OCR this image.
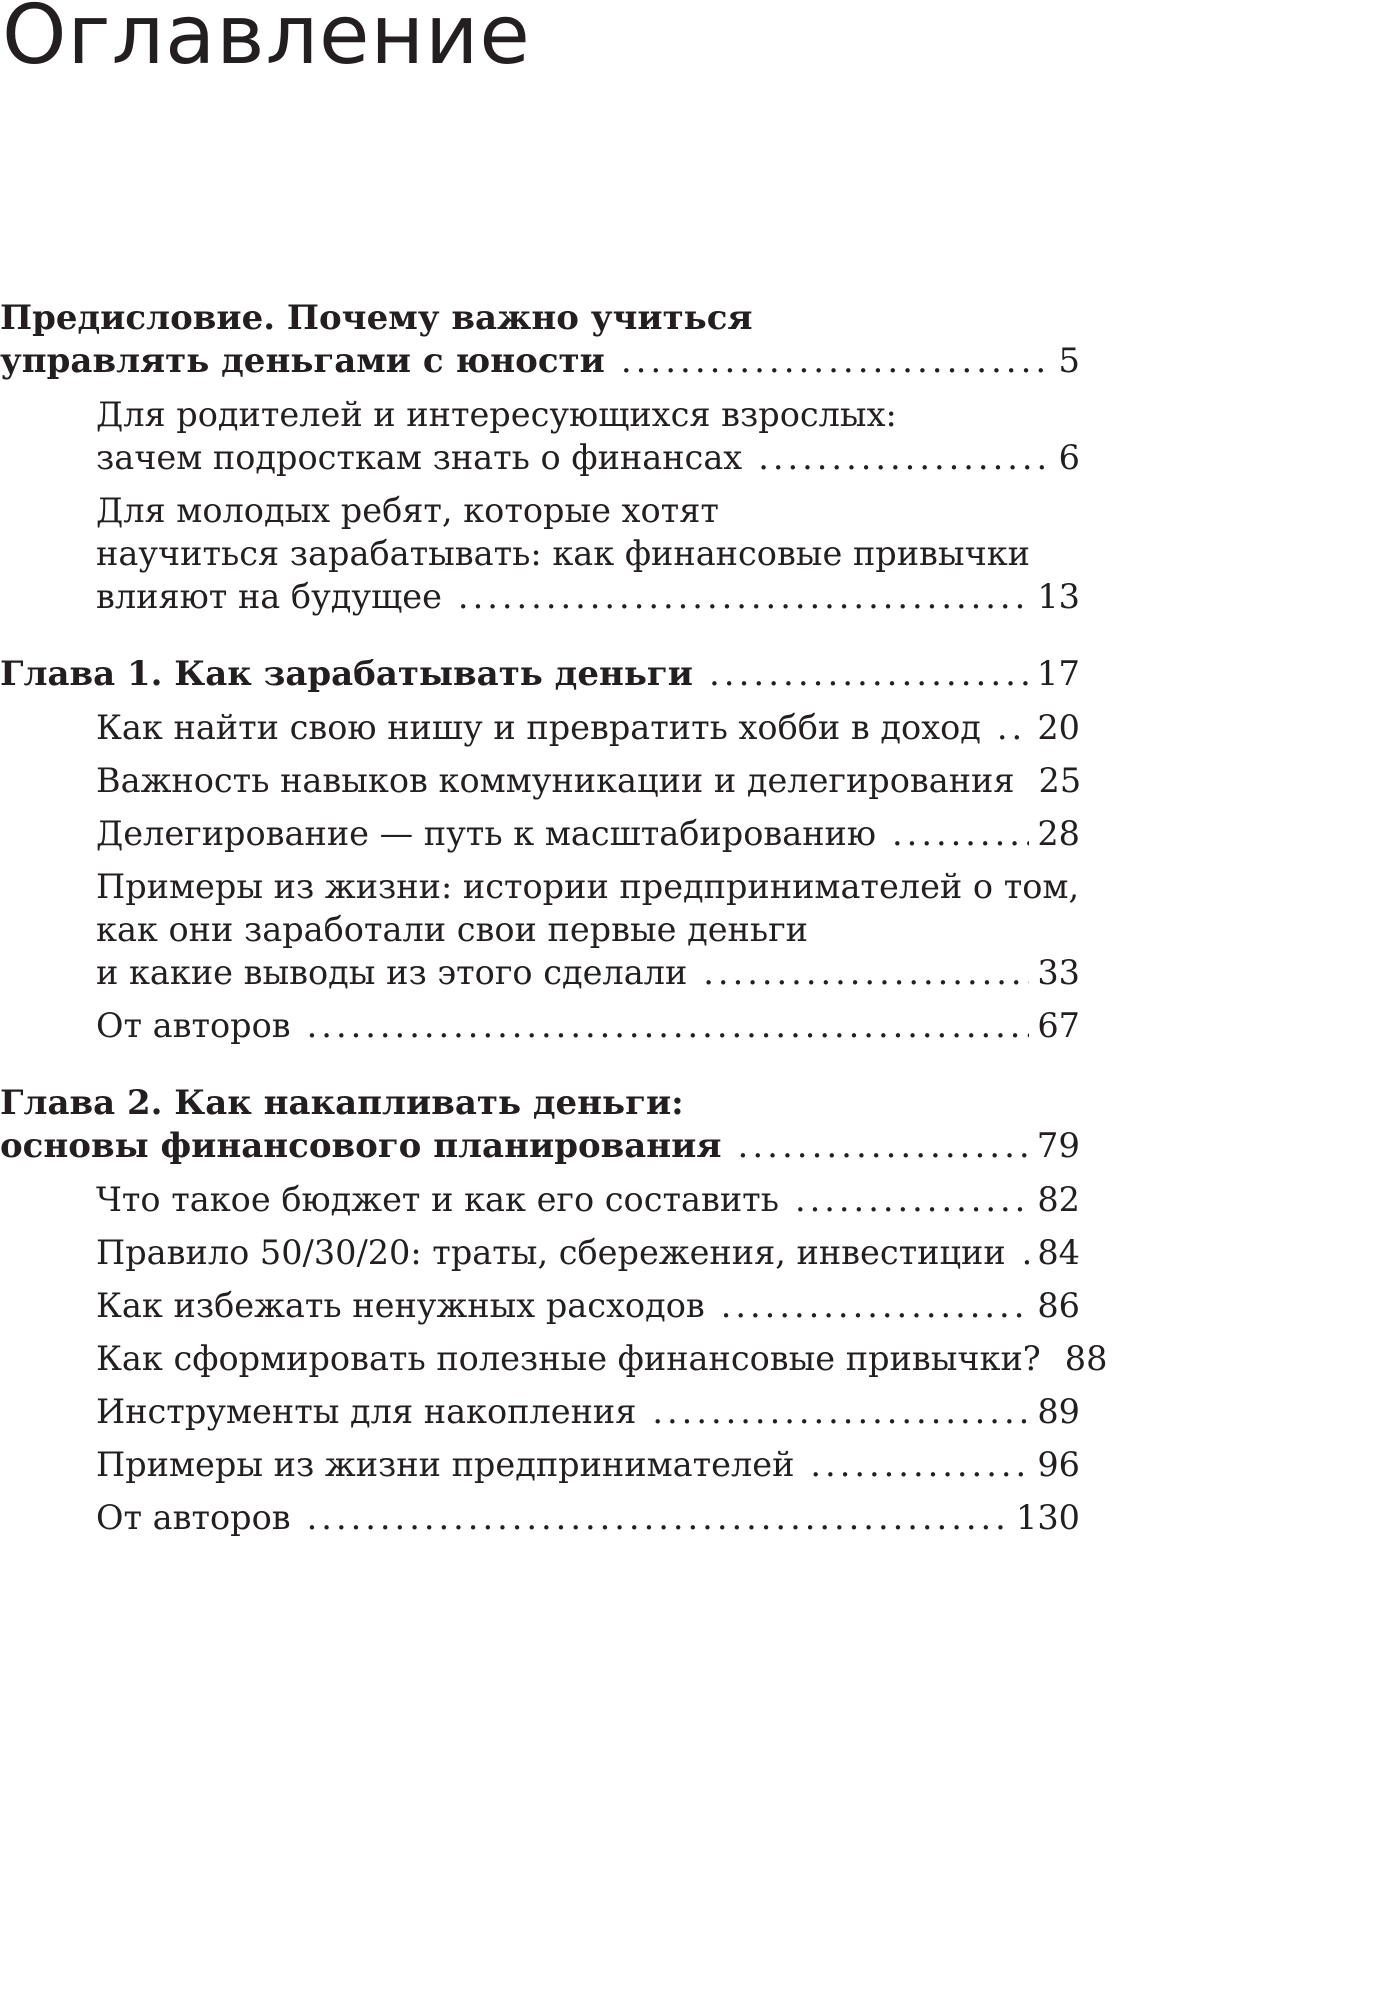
Оглавление
Предисловие. Почему важно учиться
управлять деньгами с юности .....	5
Для родителей и интересующихся взрослых:
зачем подросткам знать о финансах .....	6
Для молодых ребят, которые хотят
научиться зарабатывать: как финансовые привычки
влияют на будущее .....	13
Глава 1. Как зарабатывать деньги .....	17
Как найти свою нишу и превратить хобби в доход ..... 20
Важность навыков коммуникации и делегирования 25
Делегирование — путь к масштабированию .....	28
Примеры из жизни: истории предпринимателей о том,
как они заработали свои первые деньги
и какие выводы из этого сделали .....	33
От авторов .....	67
Глава 2. Как накапливать деньги:
основы финансового планирования .....	79
Что такое бюджет и как его составить .....	82
Правило 50/30/20: траты, сбережения, инвестиции ..... 84
Как избежать ненужных расходов .....	86
Как сформировать полезные финансовые привычки? 88
Инструменты для накопления .....	89
Примеры из жизни предпринимателей .....	96
От авторов .....	130
